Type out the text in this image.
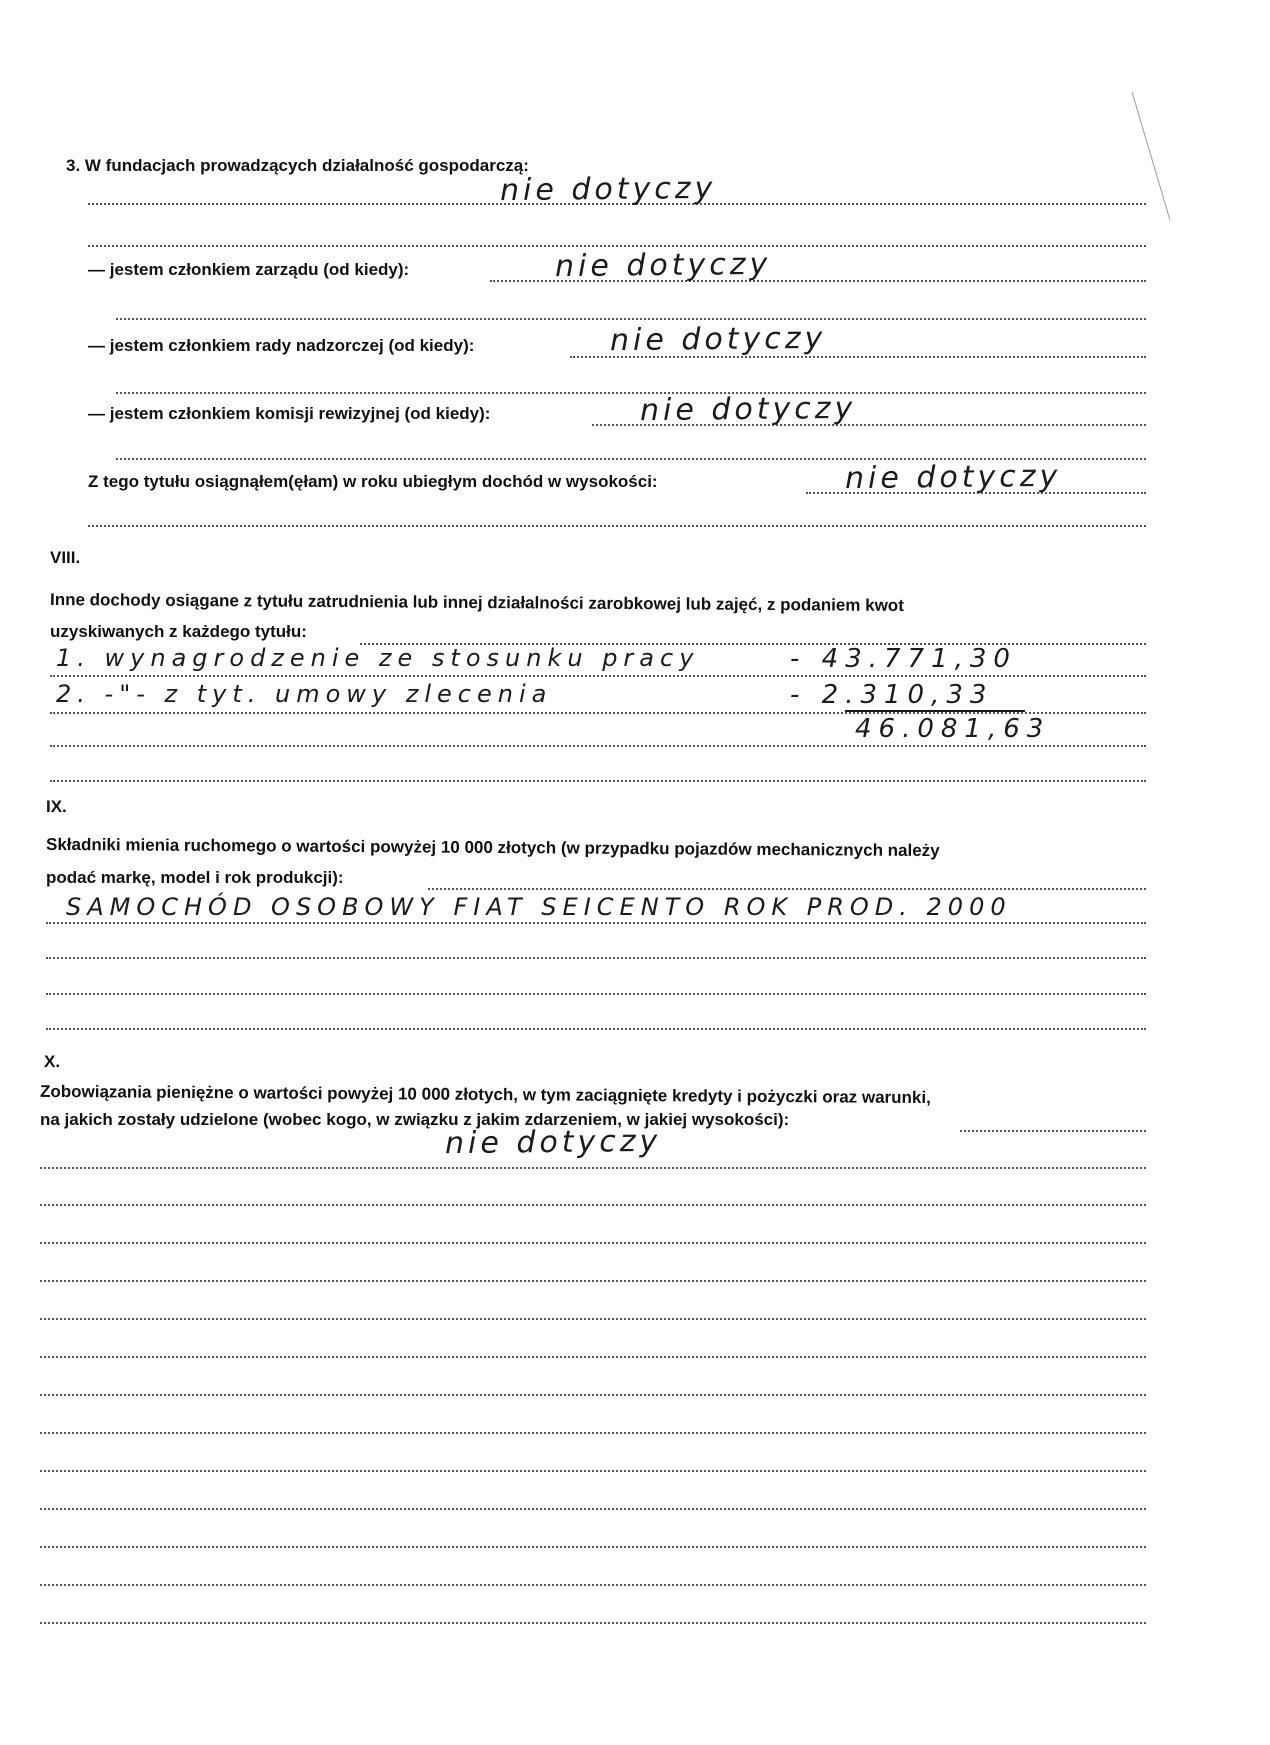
3. W fundacjach prowadzących działalność gospodarczą:
nie dotyczy
— jestem członkiem zarządu (od kiedy):	nie dotyczy
— jestem członkiem rady nadzorczej (od kiedy):	nie dotyczy
— jestem członkiem komisji rewizyjnej (od kiedy):	nie dotyczy
Z tego tytułu osiągnąłem(ęłam) w roku ubiegłym dochód w wysokości:	nie dotyczy
VIII.
Inne dochody osiągane z tytułu zatrudnienia lub innej działalności zarobkowej lub zajęć, z podaniem kwot
uzyskiwanych z każdego tytułu:
1. wynagrodzenie ze stosunku pracy	- 43.771,30
2. -"- z tyt. umowy zlecenia	- 2.310,33
46.081,63
IX.
Składniki mienia ruchomego o wartości powyżej 10 000 złotych (w przypadku pojazdów mechanicznych należy
podać markę, model i rok produkcji):
SAMOCHÓD OSOBOWY FIAT SEICENTO ROK PROD. 2000
X.
Zobowiązania pieniężne o wartości powyżej 10 000 złotych, w tym zaciągnięte kredyty i pożyczki oraz warunki,
na jakich zostały udzielone (wobec kogo, w związku z jakim zdarzeniem, w jakiej wysokości):
nie dotyczy
